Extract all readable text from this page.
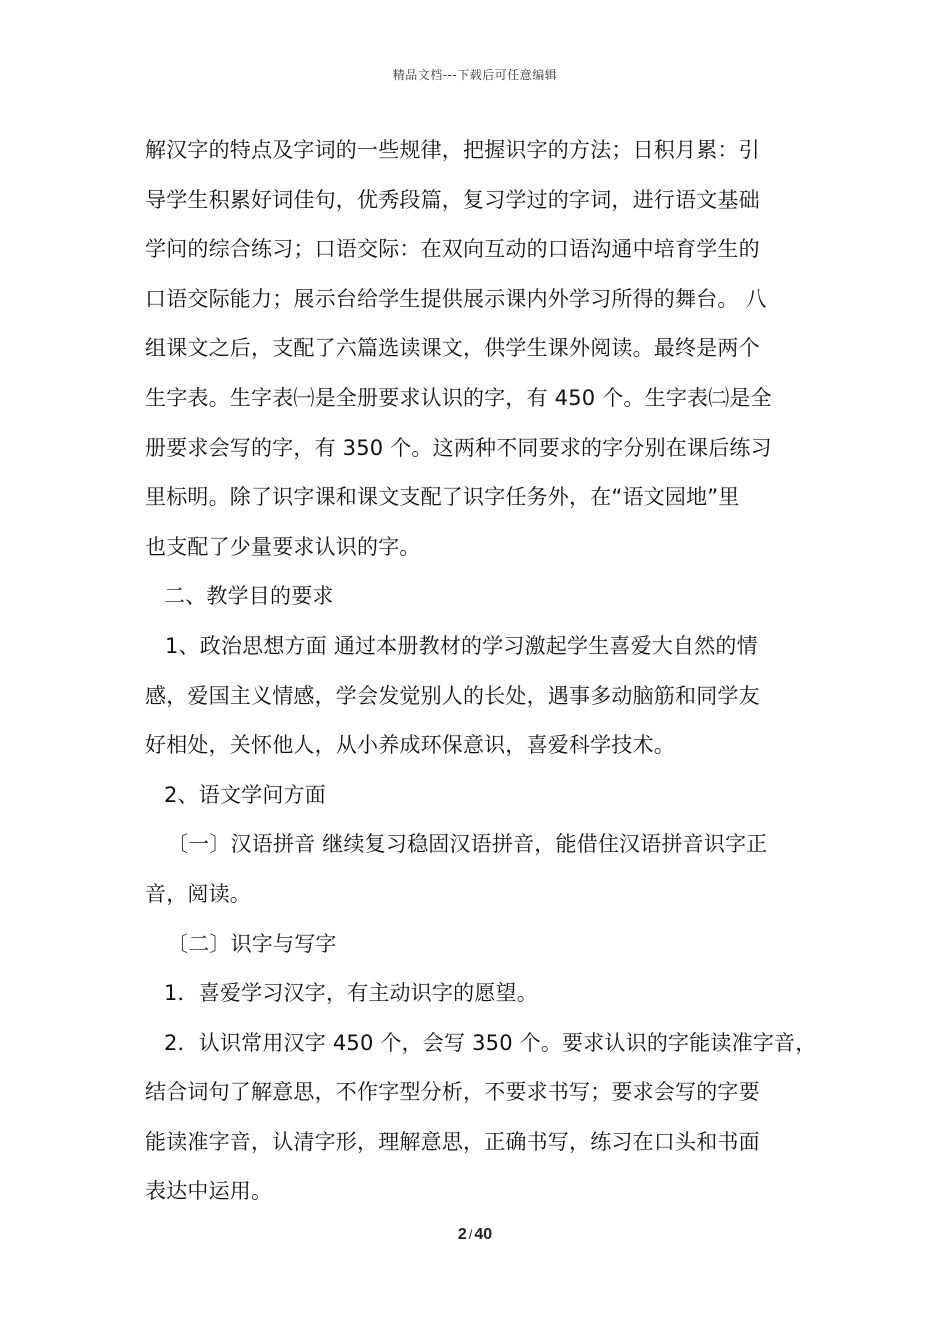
精品文档---下载后可任意编辑
解汉字的特点及字词的一些规律，把握识字的方法；日积月累：引
导学生积累好词佳句，优秀段篇，复习学过的字词，进行语文基础
学问的综合练习；口语交际：在双向互动的口语沟通中培育学生的
口语交际能力；展示台给学生提供展示课内外学习所得的舞台。 八
组课文之后，支配了六篇选读课文，供学生课外阅读。最终是两个
生字表。生字表㈠是全册要求认识的字，有 450 个。生字表㈡是全
册要求会写的字，有 350 个。这两种不同要求的字分别在课后练习
里标明。除了识字课和课文支配了识字任务外，在“语文园地”里
也支配了少量要求认识的字。
二、教学目的要求
1、政治思想方面 通过本册教材的学习激起学生喜爱大自然的情
感，爱国主义情感，学会发觉别人的长处，遇事多动脑筋和同学友
好相处，关怀他人，从小养成环保意识，喜爱科学技术。
2、语文学问方面
〔一〕汉语拼音 继续复习稳固汉语拼音，能借住汉语拼音识字正
音，阅读。
〔二〕识字与写字
1．喜爱学习汉字，有主动识字的愿望。
2．认识常用汉字 450 个，会写 350 个。要求认识的字能读准字音，
结合词句了解意思，不作字型分析，不要求书写；要求会写的字要
能读准字音，认清字形，理解意思，正确书写，练习在口头和书面
表达中运用。
2 / 40
